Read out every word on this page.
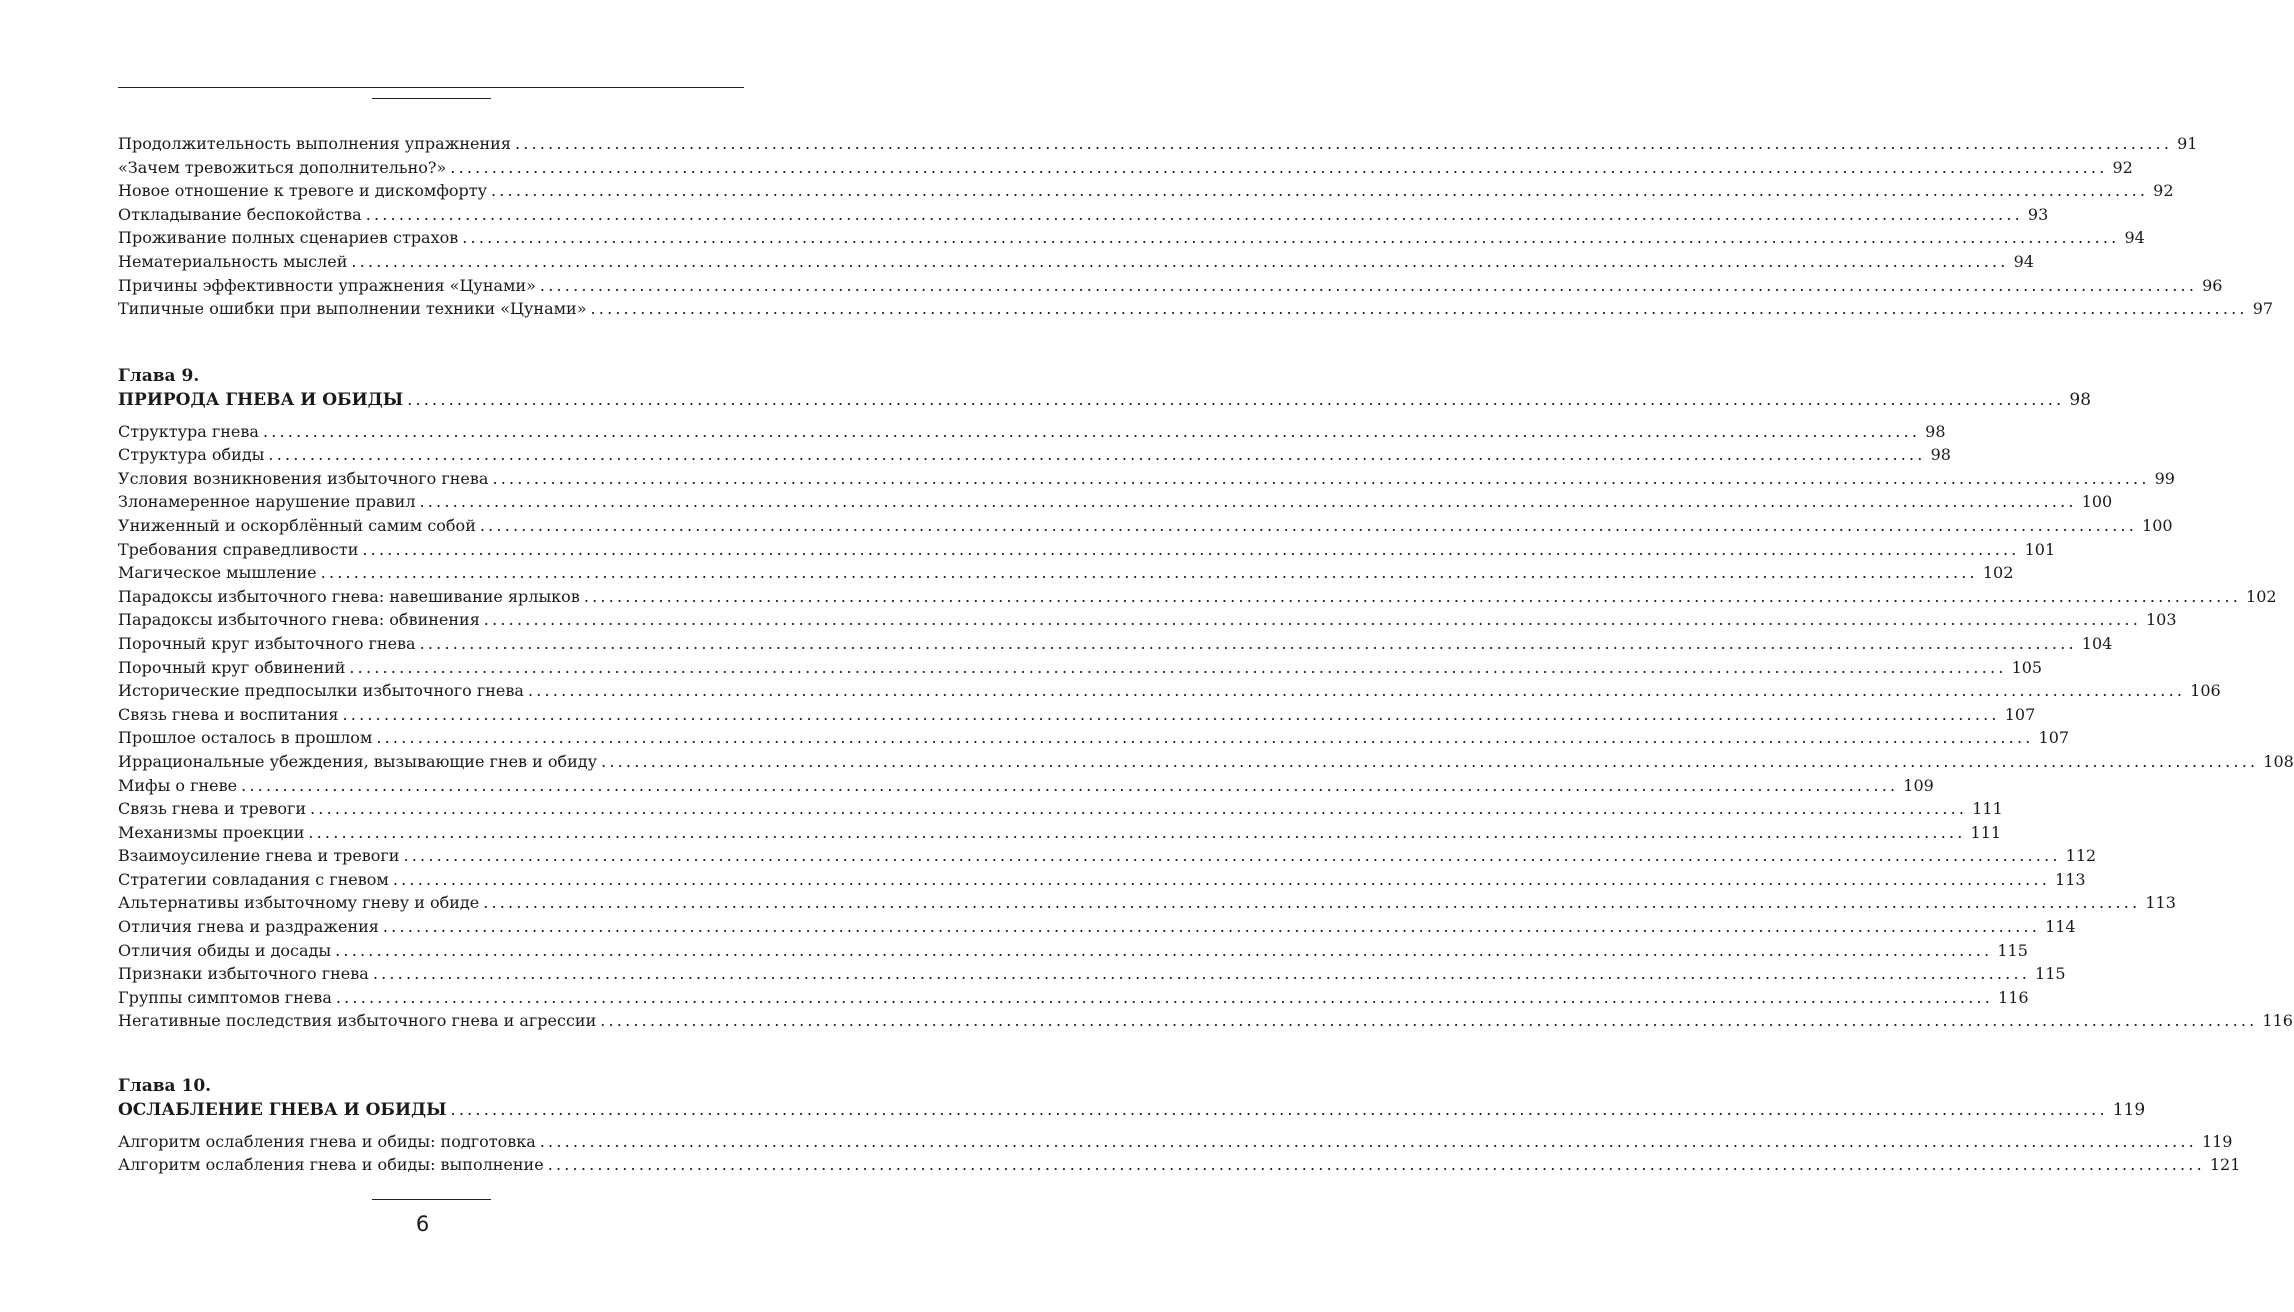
Продолжительность выполнения упражнения ........................................................................................................................................................................................................ 91
«Зачем тревожиться дополнительно?» ........................................................................................................................................................................................................ 92
Новое отношение к тревоге и дискомфорту ........................................................................................................................................................................................................ 92
Откладывание беспокойства ........................................................................................................................................................................................................ 93
Проживание полных сценариев страхов ........................................................................................................................................................................................................ 94
Нематериальность мыслей ........................................................................................................................................................................................................ 94
Причины эффективности упражнения «Цунами» ........................................................................................................................................................................................................ 96
Типичные ошибки при выполнении техники «Цунами» ........................................................................................................................................................................................................ 97
Глава 9.
ПРИРОДА ГНЕВА И ОБИДЫ ........................................................................................................................................................................................................ 98
Структура гнева ........................................................................................................................................................................................................ 98
Структура обиды ........................................................................................................................................................................................................ 98
Условия возникновения избыточного гнева ........................................................................................................................................................................................................ 99
Злонамеренное нарушение правил ........................................................................................................................................................................................................ 100
Униженный и оскорблённый самим собой ........................................................................................................................................................................................................ 100
Требования справедливости ........................................................................................................................................................................................................ 101
Магическое мышление ........................................................................................................................................................................................................ 102
Парадоксы избыточного гнева: навешивание ярлыков ........................................................................................................................................................................................................ 102
Парадоксы избыточного гнева: обвинения ........................................................................................................................................................................................................ 103
Порочный круг избыточного гнева ........................................................................................................................................................................................................ 104
Порочный круг обвинений ........................................................................................................................................................................................................ 105
Исторические предпосылки избыточного гнева ........................................................................................................................................................................................................ 106
Связь гнева и воспитания ........................................................................................................................................................................................................ 107
Прошлое осталось в прошлом ........................................................................................................................................................................................................ 107
Иррациональные убеждения, вызывающие гнев и обиду ........................................................................................................................................................................................................ 108
Мифы о гневе ........................................................................................................................................................................................................ 109
Связь гнева и тревоги ........................................................................................................................................................................................................ 111
Механизмы проекции ........................................................................................................................................................................................................ 111
Взаимоусиление гнева и тревоги ........................................................................................................................................................................................................ 112
Стратегии совладания с гневом ........................................................................................................................................................................................................ 113
Альтернативы избыточному гневу и обиде ........................................................................................................................................................................................................ 113
Отличия гнева и раздражения ........................................................................................................................................................................................................ 114
Отличия обиды и досады ........................................................................................................................................................................................................ 115
Признаки избыточного гнева ........................................................................................................................................................................................................ 115
Группы симптомов гнева ........................................................................................................................................................................................................ 116
Негативные последствия избыточного гнева и агрессии ........................................................................................................................................................................................................ 116
Глава 10.
ОСЛАБЛЕНИЕ ГНЕВА И ОБИДЫ ........................................................................................................................................................................................................ 119
Алгоритм ослабления гнева и обиды: подготовка ........................................................................................................................................................................................................ 119
Алгоритм ослабления гнева и обиды: выполнение ........................................................................................................................................................................................................ 121
6
